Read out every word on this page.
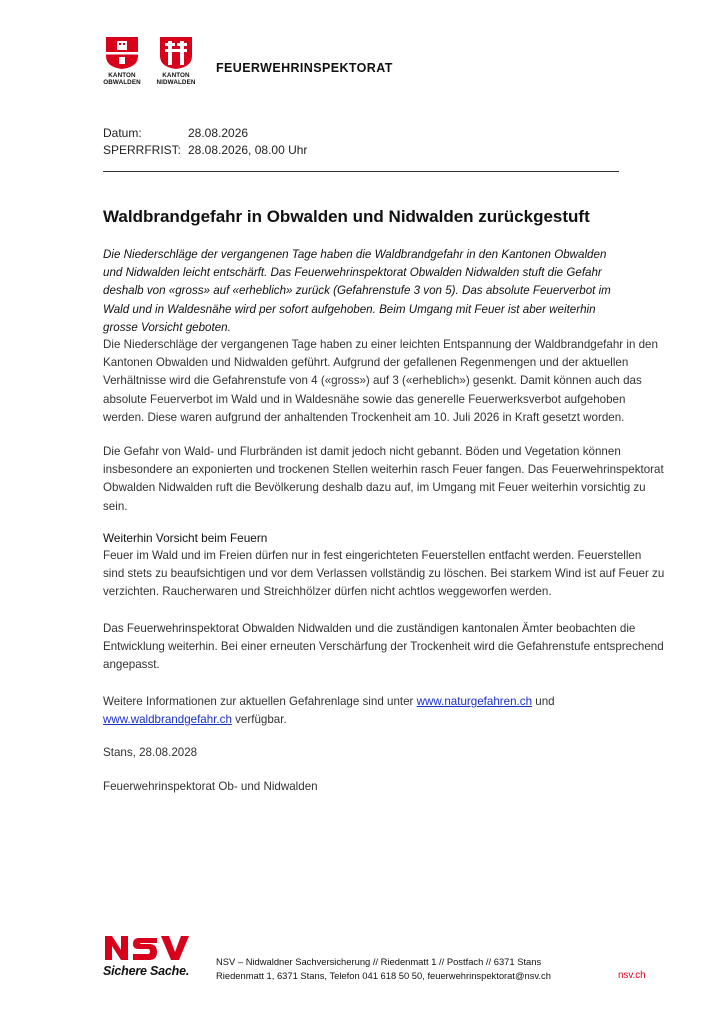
KANTON
OBWALDEN
KANTON
NIDWALDEN
FEUERWEHRINSPEKTORAT
Datum:	28.08.2026
SPERRFRIST: 28.08.2026, 08.00 Uhr
Waldbrandgefahr in Obwalden und Nidwalden zurückgestuft

Die Niederschläge der vergangenen Tage haben die Waldbrandgefahr in den Kantonen Obwalden und Nidwalden leicht entschärft. Das Feuerwehrinspektorat Obwalden Nidwalden stuft die Gefahr deshalb von «gross» auf «erheblich» zurück (Gefahrenstufe 3 von 5). Das absolute Feuerverbot im Wald und in Waldesnähe wird per sofort aufgehoben. Beim Umgang mit Feuer ist aber weiterhin grosse Vorsicht geboten.

Die Niederschläge der vergangenen Tage haben zu einer leichten Entspannung der Waldbrandgefahr in den Kantonen Obwalden und Nidwalden geführt. Aufgrund der gefallenen Regenmengen und der aktuellen Verhältnisse wird die Gefahrenstufe von 4 («gross») auf 3 («erheblich») gesenkt. Damit können auch das absolute Feuerverbot im Wald und in Waldesnähe sowie das generelle Feuerwerksverbot aufgehoben werden. Diese waren aufgrund der anhaltenden Trockenheit am 10. Juli 2026 in Kraft gesetzt worden.

Die Gefahr von Wald- und Flurbränden ist damit jedoch nicht gebannt. Böden und Vegetation können insbesondere an exponierten und trockenen Stellen weiterhin rasch Feuer fangen. Das Feuerwehrinspektorat Obwalden Nidwalden ruft die Bevölkerung deshalb dazu auf, im Umgang mit Feuer weiterhin vorsichtig zu sein.

Weiterhin Vorsicht beim Feuern

Feuer im Wald und im Freien dürfen nur in fest eingerichteten Feuerstellen entfacht werden. Feuerstellen sind stets zu beaufsichtigen und vor dem Verlassen vollständig zu löschen. Bei starkem Wind ist auf Feuer zu verzichten. Raucherwaren und Streichhölzer dürfen nicht achtlos weggeworfen werden.

Das Feuerwehrinspektorat Obwalden Nidwalden und die zuständigen kantonalen Ämter beobachten die Entwicklung weiterhin. Bei einer erneuten Verschärfung der Trockenheit wird die Gefahrenstufe entsprechend angepasst.

Weitere Informationen zur aktuellen Gefahrenlage sind unter www.naturgefahren.ch und www.waldbrandgefahr.ch verfügbar.

Stans, 28.08.2028

Feuerwehrinspektorat Ob- und Nidwalden

Sichere Sache.
NSV – Nidwaldner Sachversicherung // Riedenmatt 1 // Postfach // 6371 Stans
Riedenmatt 1, 6371 Stans, Telefon 041 618 50 50, feuerwehrinspektorat@nsv.ch	nsv.ch
